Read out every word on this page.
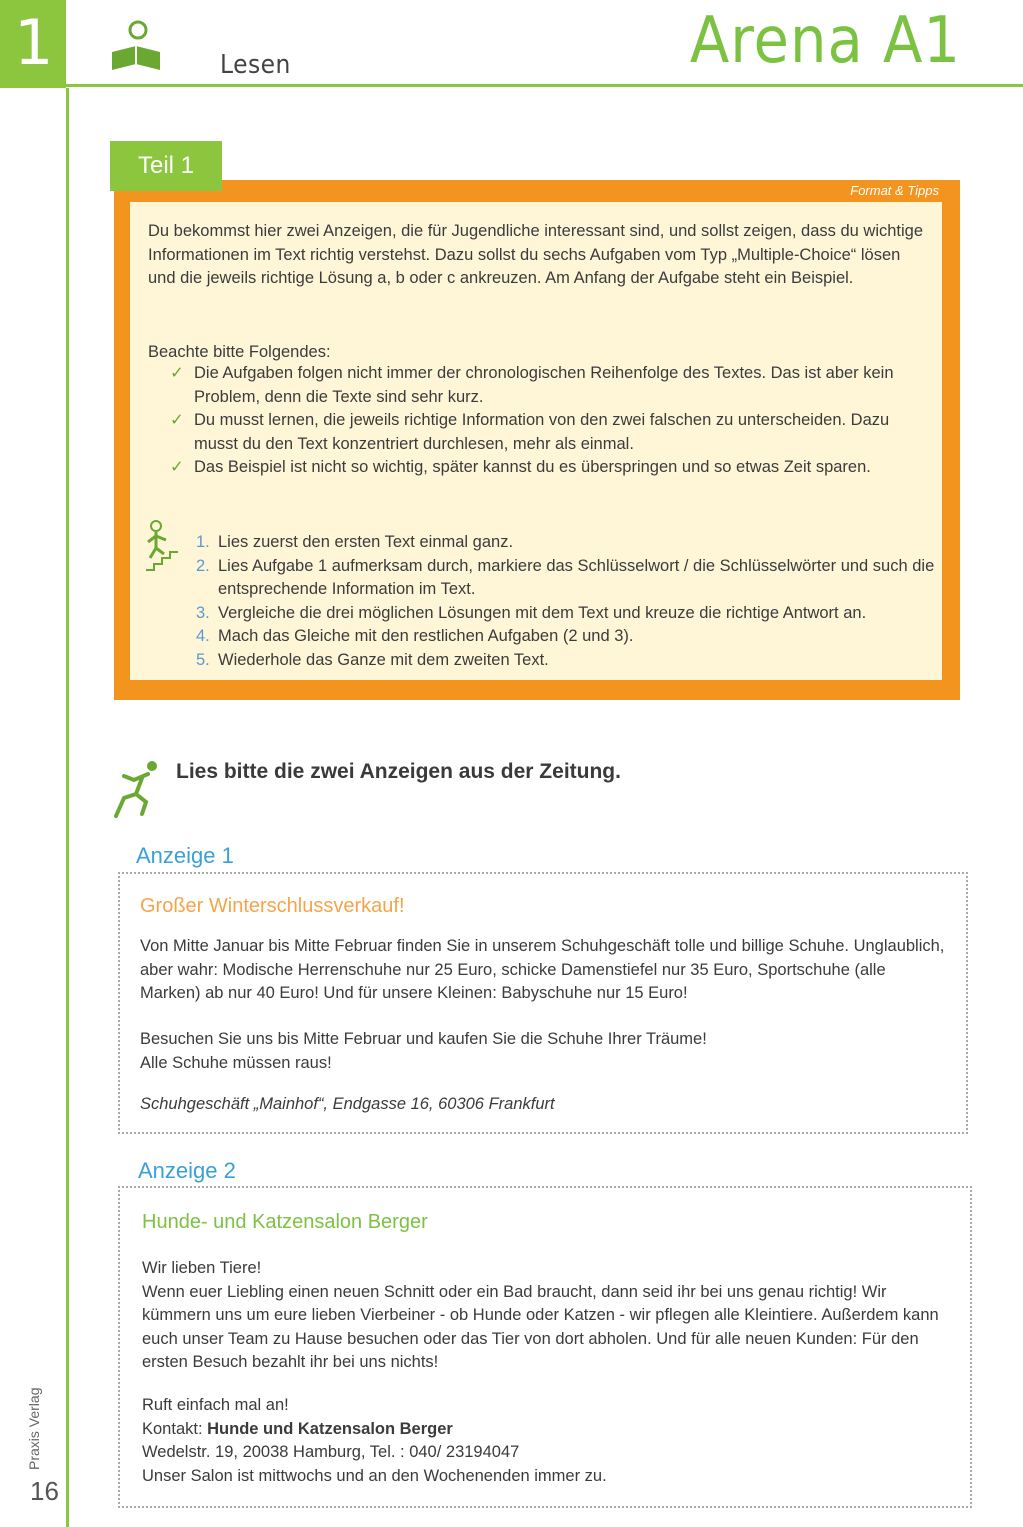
1	Lesen	Arena A1
Teil 1
Format & Tipps
Du bekommst hier zwei Anzeigen, die für Jugendliche interessant sind, und sollst zeigen, dass du wichtige Informationen im Text richtig verstehst. Dazu sollst du sechs Aufgaben vom Typ „Multiple-Choice“ lösen und die jeweils richtige Lösung a, b oder c ankreuzen. Am Anfang der Aufgabe steht ein Beispiel.
Beachte bitte Folgendes:
✓ Die Aufgaben folgen nicht immer der chronologischen Reihenfolge des Textes. Das ist aber kein Problem, denn die Texte sind sehr kurz.
✓ Du musst lernen, die jeweils richtige Information von den zwei falschen zu unterscheiden. Dazu musst du den Text konzentriert durchlesen, mehr als einmal.
✓ Das Beispiel ist nicht so wichtig, später kannst du es überspringen und so etwas Zeit sparen.
1. Lies zuerst den ersten Text einmal ganz.
2. Lies Aufgabe 1 aufmerksam durch, markiere das Schlüsselwort / die Schlüsselwörter und such die entsprechende Information im Text.
3. Vergleiche die drei möglichen Lösungen mit dem Text und kreuze die richtige Antwort an.
4. Mach das Gleiche mit den restlichen Aufgaben (2 und 3).
5. Wiederhole das Ganze mit dem zweiten Text.
Lies bitte die zwei Anzeigen aus der Zeitung.
Anzeige 1
Großer Winterschlussverkauf!
Von Mitte Januar bis Mitte Februar finden Sie in unserem Schuhgeschäft tolle und billige Schuhe. Unglaublich, aber wahr: Modische Herrenschuhe nur 25 Euro, schicke Damenstiefel nur 35 Euro, Sportschuhe (alle Marken) ab nur 40 Euro! Und für unsere Kleinen: Babyschuhe nur 15 Euro!
Besuchen Sie uns bis Mitte Februar und kaufen Sie die Schuhe Ihrer Träume!
Alle Schuhe müssen raus!
Schuhgeschäft „Mainhof“, Endgasse 16, 60306 Frankfurt
Anzeige 2
Hunde- und Katzensalon Berger
Wir lieben Tiere!
Wenn euer Liebling einen neuen Schnitt oder ein Bad braucht, dann seid ihr bei uns genau richtig! Wir kümmern uns um eure lieben Vierbeiner - ob Hunde oder Katzen - wir pflegen alle Kleintiere. Außerdem kann euch unser Team zu Hause besuchen oder das Tier von dort abholen. Und für alle neuen Kunden: Für den ersten Besuch bezahlt ihr bei uns nichts!
Ruft einfach mal an!
Kontakt: Hunde und Katzensalon Berger
Wedelstr. 19, 20038 Hamburg, Tel. : 040/ 23194047
Unser Salon ist mittwochs und an den Wochenenden immer zu.
Praxis Verlag
16
